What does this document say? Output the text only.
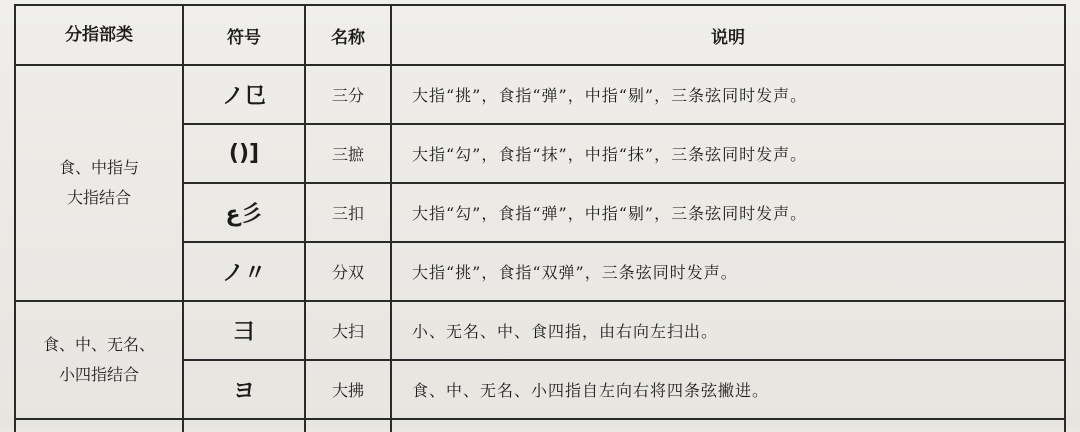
分指部类	符号	名称	说明

食、中指与
大指结合	ノ㔾	三分	大指“挑”，食指“弹”，中指“剔”，三条弦同时发声。
	()]	三摭	大指“勾”，食指“抹”，中指“抹”，三条弦同时发声。
	ع彡	三扣	大指“勾”，食指“弹”，中指“剔”，三条弦同时发声。
	ノ〃	分双	大指“挑”，食指“双弹”，三条弦同时发声。

食、中、无名、
小四指结合	彐	大扫	小、无名、中、食四指，由右向左扫出。
	ヨ	大拂	食、中、无名、小四指自左向右将四条弦撇进。
